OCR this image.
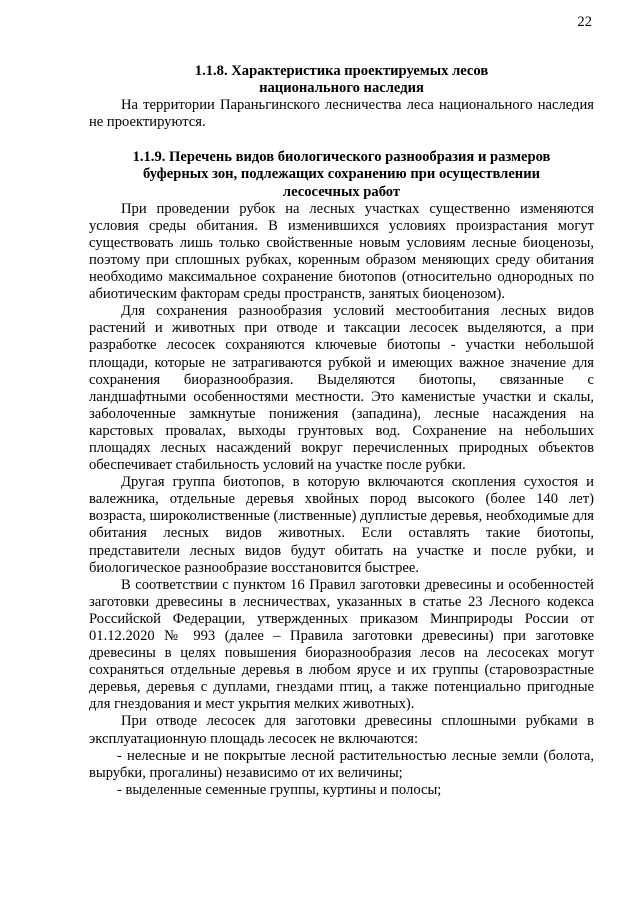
22
1.1.8. Характеристика проектируемых лесов
национального наследия

На территории Параньгинского лесничества леса национального наследия не проектируются.

1.1.9. Перечень видов биологического разнообразия и размеров
буферных зон, подлежащих сохранению при осуществлении
лесосечных работ

При проведении рубок на лесных участках существенно изменяются условия среды обитания. В изменившихся условиях произрастания могут существовать лишь только свойственные новым условиям лесные биоценозы, поэтому при сплошных рубках, коренным образом меняющих среду обитания необходимо максимальное сохранение биотопов (относительно однородных по абиотическим факторам среды пространств, занятых биоценозом).

Для сохранения разнообразия условий местообитания лесных видов растений и животных при отводе и таксации лесосек выделяются, а при разработке лесосек сохраняются ключевые биотопы - участки небольшой площади, которые не затрагиваются рубкой и имеющих важное значение для сохранения биоразнообразия. Выделяются биотопы, связанные с ландшафтными особенностями местности. Это каменистые участки и скалы, заболоченные замкнутые понижения (западина), лесные насаждения на карстовых провалах, выходы грунтовых вод. Сохранение на небольших площадях лесных насаждений вокруг перечисленных природных объектов обеспечивает стабильность условий на участке после рубки.

Другая группа биотопов, в которую включаются скопления сухостоя и валежника, отдельные деревья хвойных пород высокого (более 140 лет) возраста, широколиственные (лиственные) дуплистые деревья, необходимые для обитания лесных видов животных. Если оставлять такие биотопы, представители лесных видов будут обитать на участке и после рубки, и биологическое разнообразие восстановится быстрее.

В соответствии с пунктом 16 Правил заготовки древесины и особенностей заготовки древесины в лесничествах, указанных в статье 23 Лесного кодекса Российской Федерации, утвержденных приказом Минприроды России от 01.12.2020 № 993 (далее – Правила заготовки древесины) при заготовке древесины в целях повышения биоразнообразия лесов на лесосеках могут сохраняться отдельные деревья в любом ярусе и их группы (старовозрастные деревья, деревья с дуплами, гнездами птиц, а также потенциально пригодные для гнездования и мест укрытия мелких животных).

При отводе лесосек для заготовки древесины сплошными рубками в эксплуатационную площадь лесосек не включаются:

- нелесные и не покрытые лесной растительностью лесные земли (болота, вырубки, прогалины) независимо от их величины;

- выделенные семенные группы, куртины и полосы;
